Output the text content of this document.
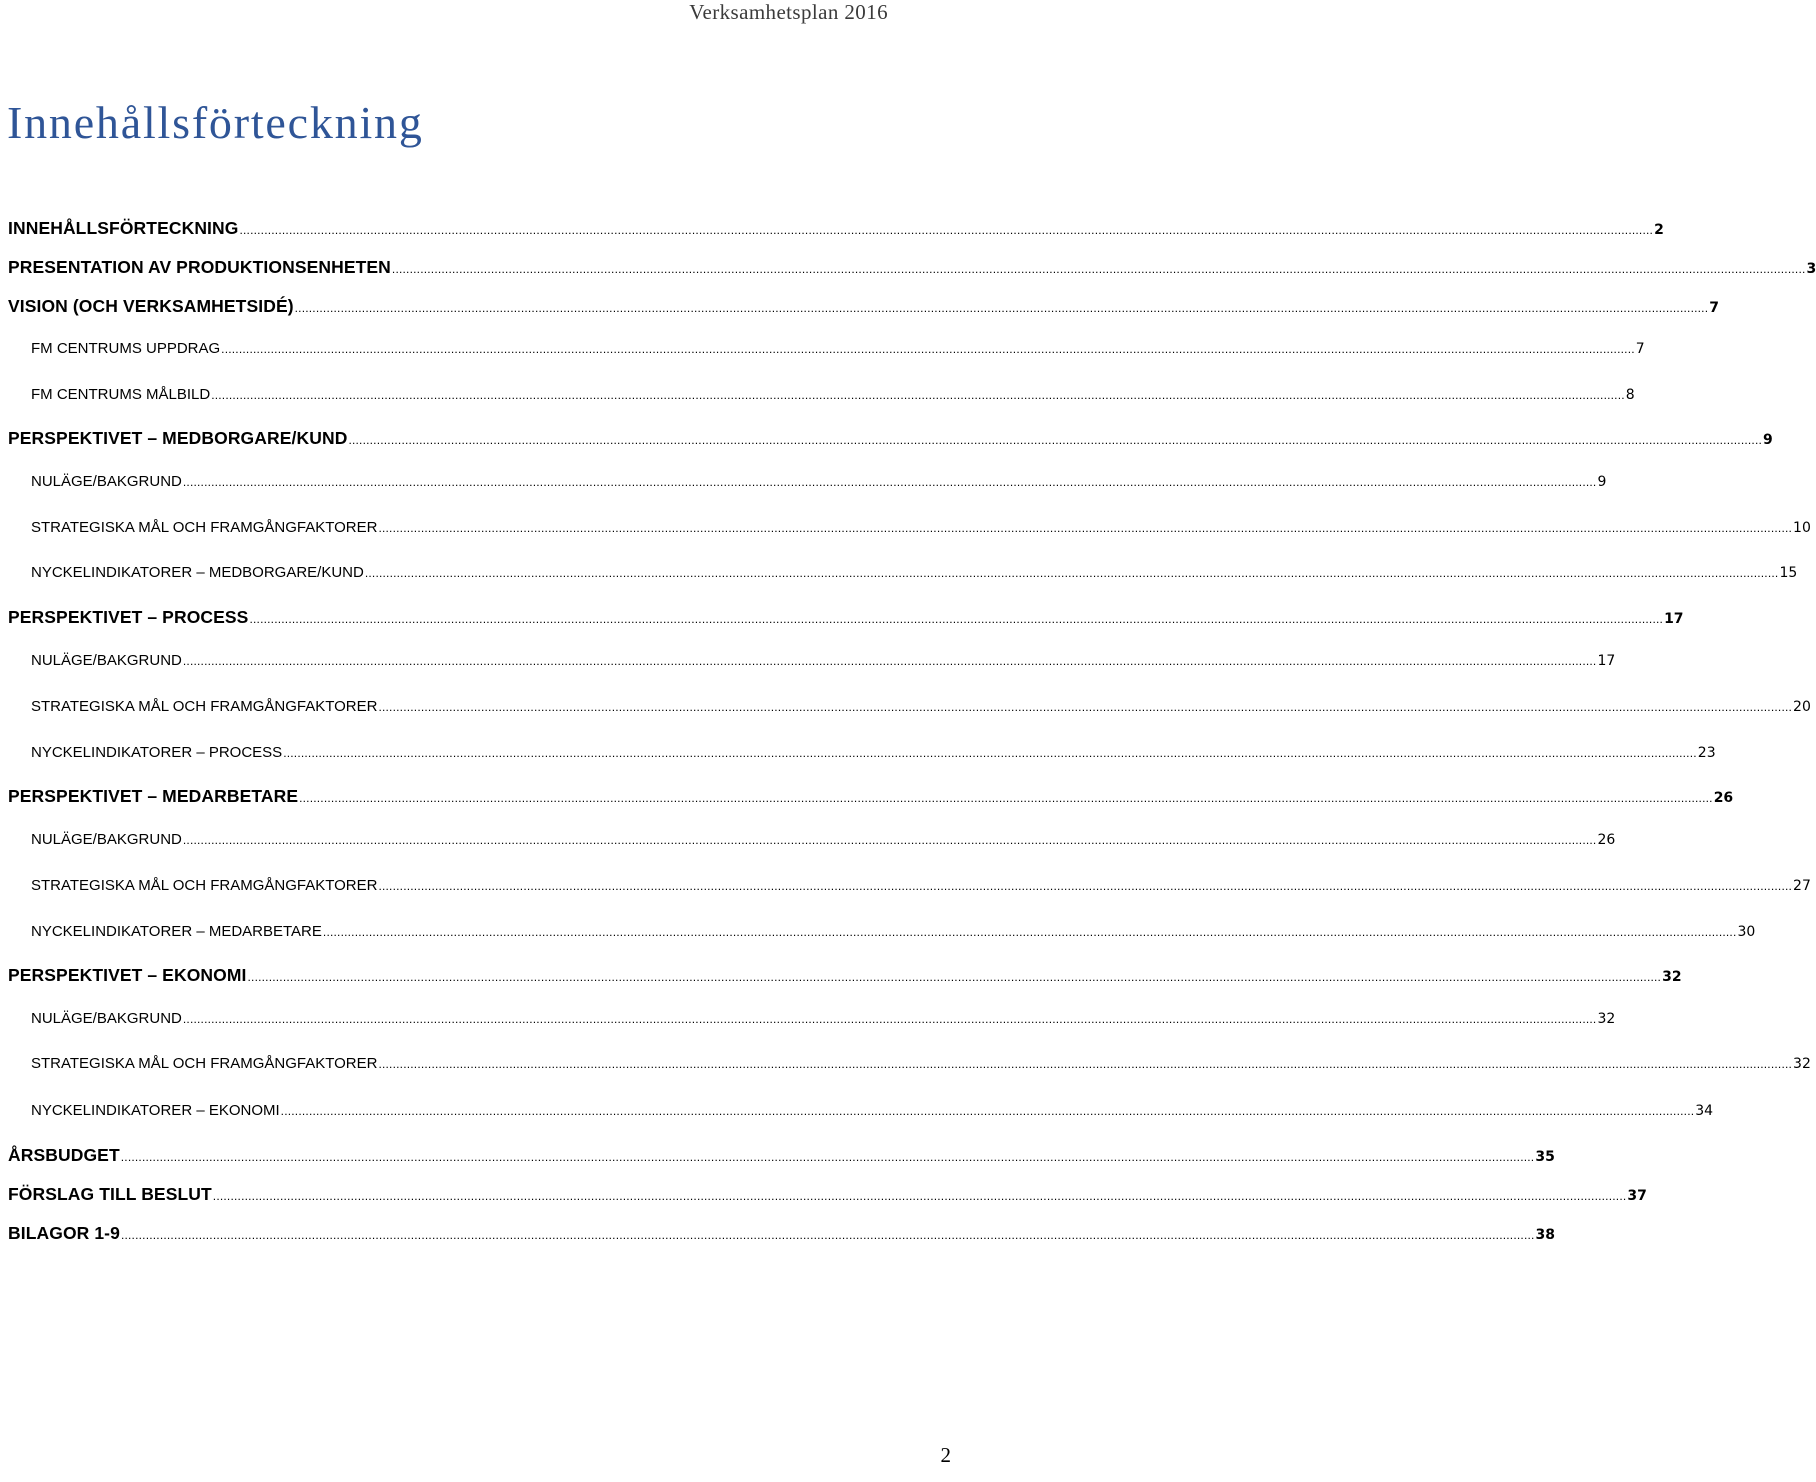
Verksamhetsplan 2016
Innehållsförteckning
INNEHÅLLSFÖRTECKNING ................................................................................................................................................................................................................................................................................................................................................................................................................ 2
PRESENTATION AV PRODUKTIONSENHETEN ................................................................................................................................................................................................................................................................................................................................................................................................................ 3
VISION (OCH VERKSAMHETSIDÉ) ................................................................................................................................................................................................................................................................................................................................................................................................................ 7
FM CENTRUMS UPPDRAG ................................................................................................................................................................................................................................................................................................................................................................................................................ 7
FM CENTRUMS MÅLBILD ................................................................................................................................................................................................................................................................................................................................................................................................................ 8
PERSPEKTIVET – MEDBORGARE/KUND ................................................................................................................................................................................................................................................................................................................................................................................................................ 9
NULÄGE/BAKGRUND ................................................................................................................................................................................................................................................................................................................................................................................................................ 9
STRATEGISKA MÅL OCH FRAMGÅNGFAKTORER ................................................................................................................................................................................................................................................................................................................................................................................................................ 10
NYCKELINDIKATORER – MEDBORGARE/KUND ................................................................................................................................................................................................................................................................................................................................................................................................................ 15
PERSPEKTIVET – PROCESS ................................................................................................................................................................................................................................................................................................................................................................................................................ 17
NULÄGE/BAKGRUND ................................................................................................................................................................................................................................................................................................................................................................................................................ 17
STRATEGISKA MÅL OCH FRAMGÅNGFAKTORER ................................................................................................................................................................................................................................................................................................................................................................................................................ 20
NYCKELINDIKATORER – PROCESS ................................................................................................................................................................................................................................................................................................................................................................................................................ 23
PERSPEKTIVET – MEDARBETARE ................................................................................................................................................................................................................................................................................................................................................................................................................ 26
NULÄGE/BAKGRUND ................................................................................................................................................................................................................................................................................................................................................................................................................ 26
STRATEGISKA MÅL OCH FRAMGÅNGFAKTORER ................................................................................................................................................................................................................................................................................................................................................................................................................ 27
NYCKELINDIKATORER – MEDARBETARE ................................................................................................................................................................................................................................................................................................................................................................................................................ 30
PERSPEKTIVET – EKONOMI ................................................................................................................................................................................................................................................................................................................................................................................................................ 32
NULÄGE/BAKGRUND ................................................................................................................................................................................................................................................................................................................................................................................................................ 32
STRATEGISKA MÅL OCH FRAMGÅNGFAKTORER ................................................................................................................................................................................................................................................................................................................................................................................................................ 32
NYCKELINDIKATORER – EKONOMI ................................................................................................................................................................................................................................................................................................................................................................................................................ 34
ÅRSBUDGET ................................................................................................................................................................................................................................................................................................................................................................................................................ 35
FÖRSLAG TILL BESLUT ................................................................................................................................................................................................................................................................................................................................................................................................................ 37
BILAGOR 1-9 ................................................................................................................................................................................................................................................................................................................................................................................................................ 38
2
